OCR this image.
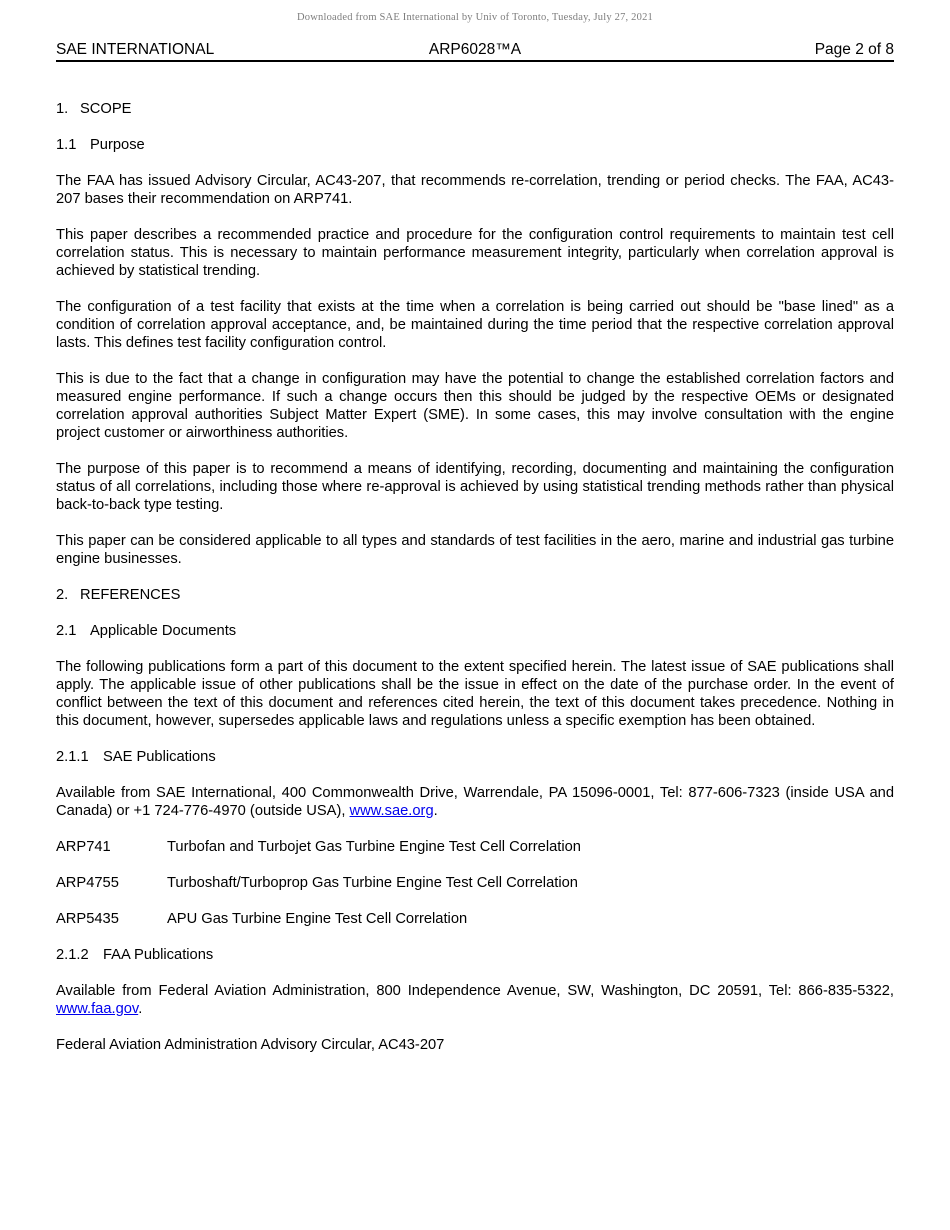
Downloaded from SAE International by Univ of Toronto, Tuesday, July 27, 2021
SAE INTERNATIONAL	ARP6028™A	Page 2 of 8
1. SCOPE
1.1 Purpose

The FAA has issued Advisory Circular, AC43-207, that recommends re-correlation, trending or period checks. The FAA, AC43-207 bases their recommendation on ARP741.

This paper describes a recommended practice and procedure for the configuration control requirements to maintain test cell correlation status. This is necessary to maintain performance measurement integrity, particularly when correlation approval is achieved by statistical trending.

The configuration of a test facility that exists at the time when a correlation is being carried out should be "base lined" as a condition of correlation approval acceptance, and, be maintained during the time period that the respective correlation approval lasts. This defines test facility configuration control.

This is due to the fact that a change in configuration may have the potential to change the established correlation factors and measured engine performance. If such a change occurs then this should be judged by the respective OEMs or designated correlation approval authorities Subject Matter Expert (SME). In some cases, this may involve consultation with the engine project customer or airworthiness authorities.

The purpose of this paper is to recommend a means of identifying, recording, documenting and maintaining the configuration status of all correlations, including those where re-approval is achieved by using statistical trending methods rather than physical back-to-back type testing.

This paper can be considered applicable to all types and standards of test facilities in the aero, marine and industrial gas turbine engine businesses.

2. REFERENCES
2.1 Applicable Documents

The following publications form a part of this document to the extent specified herein. The latest issue of SAE publications shall apply. The applicable issue of other publications shall be the issue in effect on the date of the purchase order. In the event of conflict between the text of this document and references cited herein, the text of this document takes precedence. Nothing in this document, however, supersedes applicable laws and regulations unless a specific exemption has been obtained.

2.1.1 SAE Publications

Available from SAE International, 400 Commonwealth Drive, Warrendale, PA 15096-0001, Tel: 877-606-7323 (inside USA and Canada) or +1 724-776-4970 (outside USA), www.sae.org.

ARP741	Turbofan and Turbojet Gas Turbine Engine Test Cell Correlation
ARP4755	Turboshaft/Turboprop Gas Turbine Engine Test Cell Correlation
ARP5435	APU Gas Turbine Engine Test Cell Correlation
2.1.2 FAA Publications

Available from Federal Aviation Administration, 800 Independence Avenue, SW, Washington, DC 20591, Tel: 866-835-5322, www.faa.gov.

Federal Aviation Administration Advisory Circular, AC43-207
